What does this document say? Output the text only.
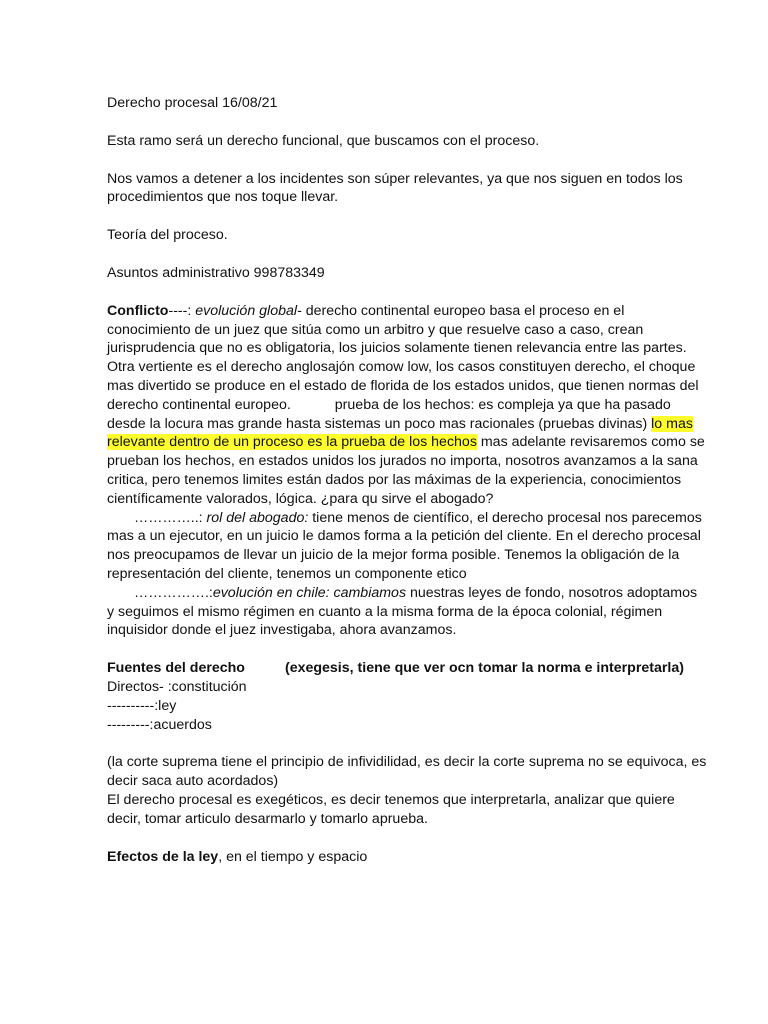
Derecho procesal 16/08/21

Esta ramo será un derecho funcional, que buscamos con el proceso.

Nos vamos a detener a los incidentes son súper relevantes, ya que nos siguen en todos los procedimientos que nos toque llevar.

Teoría del proceso.

Asuntos administrativo 998783349

Conflicto----: evolución global- derecho continental europeo basa el proceso en el conocimiento de un juez que sitúa como un arbitro y que resuelve caso a caso, crean jurisprudencia que no es obligatoria, los juicios solamente tienen relevancia entre las partes. Otra vertiente es el derecho anglosajón comow low, los casos constituyen derecho, el choque mas divertido se produce en el estado de florida de los estados unidos, que tienen normas del derecho continental europeo.	prueba de los hechos: es compleja ya que ha pasado desde la locura mas grande hasta sistemas un poco mas racionales (pruebas divinas) lo mas relevante dentro de un proceso es la prueba de los hechos mas adelante revisaremos como se prueban los hechos, en estados unidos los jurados no importa, nosotros avanzamos a la sana critica, pero tenemos limites están dados por las máximas de la experiencia, conocimientos científicamente valorados, lógica. ¿para qu sirve el abogado?

…………..: rol del abogado: tiene menos de científico, el derecho procesal nos parecemos mas a un ejecutor, en un juicio le damos forma a la petición del cliente. En el derecho procesal nos preocupamos de llevar un juicio de la mejor forma posible. Tenemos la obligación de la representación del cliente, tenemos un componente etico

…………….:evolución en chile: cambiamos nuestras leyes de fondo, nosotros adoptamos y seguimos el mismo régimen en cuanto a la misma forma de la época colonial, régimen inquisidor donde el juez investigaba, ahora avanzamos.

Fuentes del derecho	(exegesis, tiene que ver ocn tomar la norma e interpretarla)

Directos- :constitución

----------:ley

---------:acuerdos

(la corte suprema tiene el principio de infividilidad, es decir la corte suprema no se equivoca, es decir saca auto acordados)

El derecho procesal es exegéticos, es decir tenemos que interpretarla, analizar que quiere decir, tomar articulo desarmarlo y tomarlo aprueba.

Efectos de la ley, en el tiempo y espacio
